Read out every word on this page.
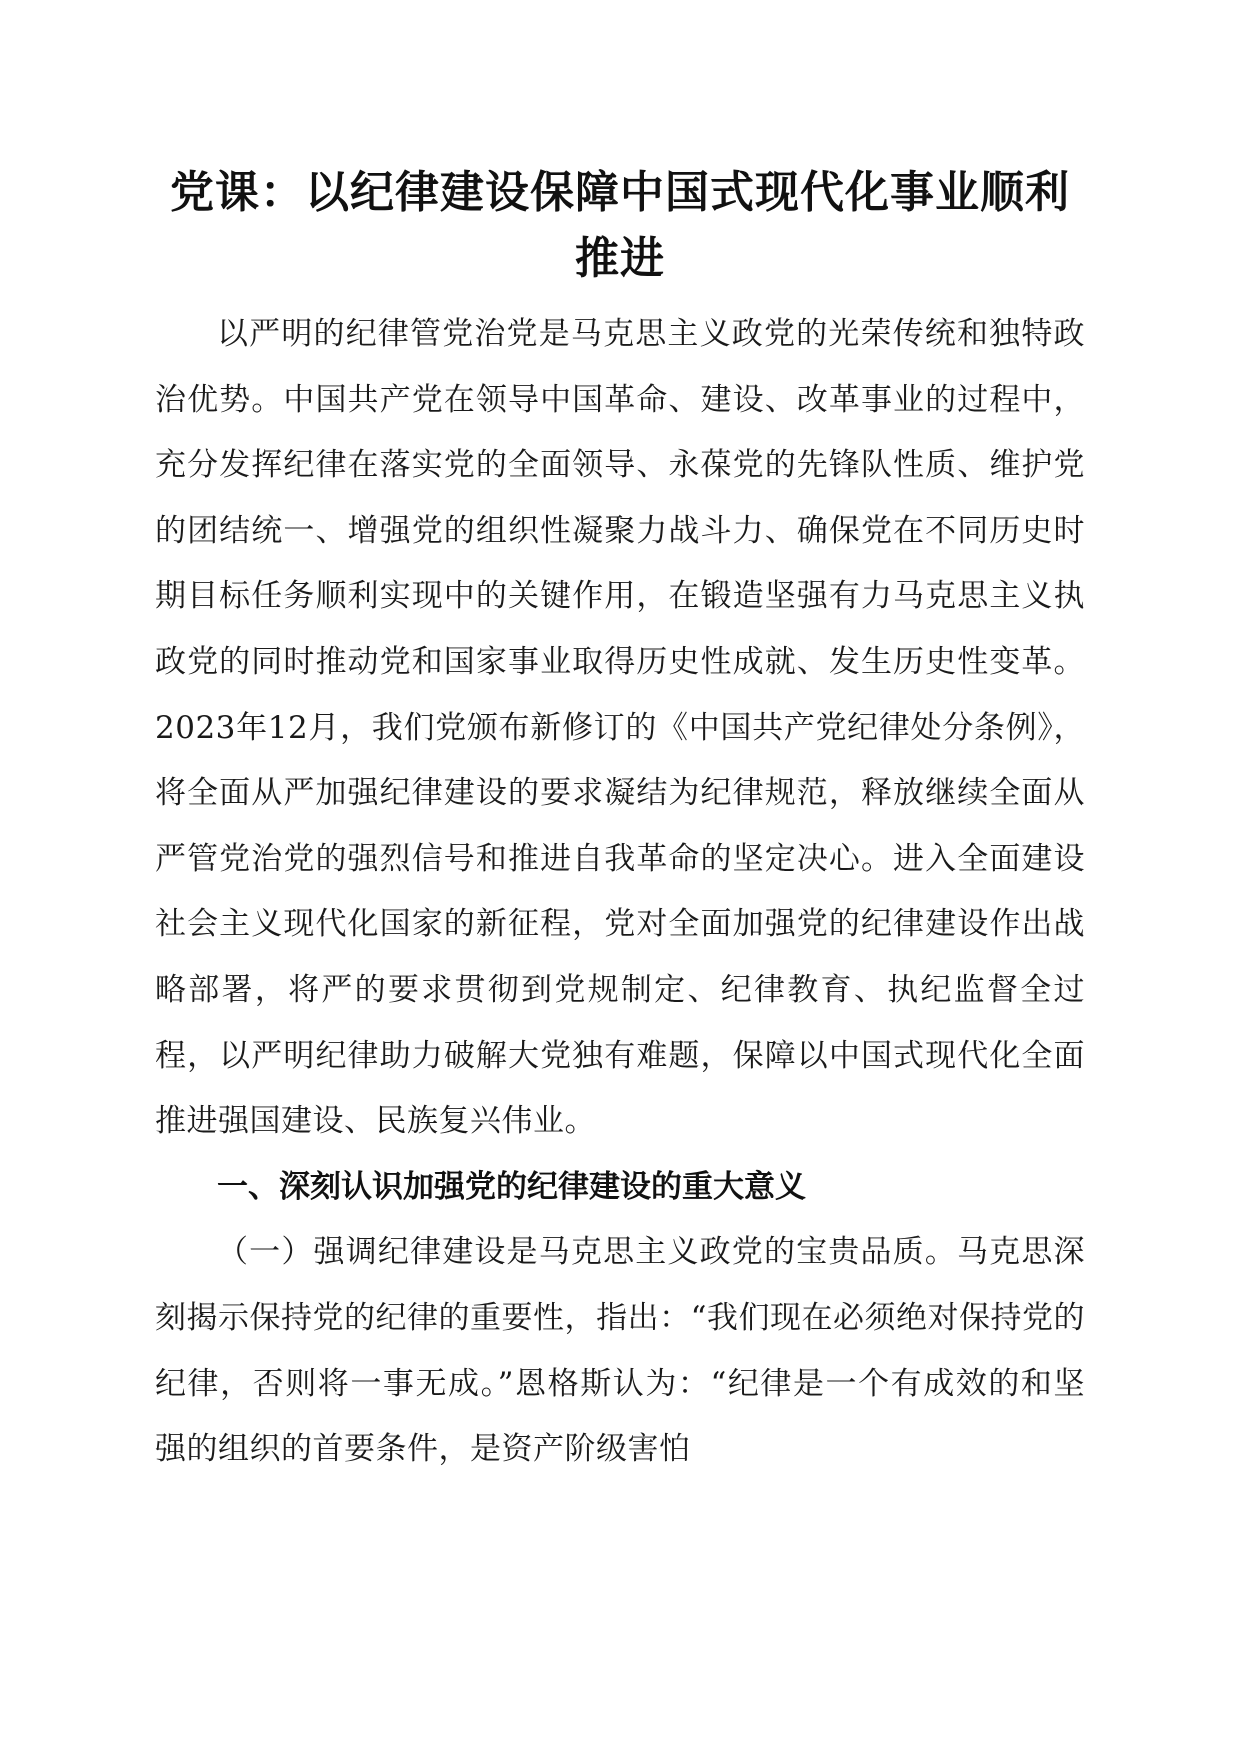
党课：以纪律建设保障中国式现代化事业顺利推进

以严明的纪律管党治党是马克思主义政党的光荣传统和独特政治优势。中国共产党在领导中国革命、建设、改革事业的过程中，充分发挥纪律在落实党的全面领导、永葆党的先锋队性质、维护党的团结统一、增强党的组织性凝聚力战斗力、确保党在不同历史时期目标任务顺利实现中的关键作用，在锻造坚强有力马克思主义执政党的同时推动党和国家事业取得历史性成就、发生历史性变革。2023年12月，我们党颁布新修订的《中国共产党纪律处分条例》，将全面从严加强纪律建设的要求凝结为纪律规范，释放继续全面从严管党治党的强烈信号和推进自我革命的坚定决心。进入全面建设社会主义现代化国家的新征程，党对全面加强党的纪律建设作出战略部署，将严的要求贯彻到党规制定、纪律教育、执纪监督全过程，以严明纪律助力破解大党独有难题，保障以中国式现代化全面推进强国建设、民族复兴伟业。

一、深刻认识加强党的纪律建设的重大意义

（一）强调纪律建设是马克思主义政党的宝贵品质。马克思深刻揭示保持党的纪律的重要性，指出：“我们现在必须绝对保持党的纪律，否则将一事无成。”恩格斯认为：“纪律是一个有成效的和坚强的组织的首要条件，是资产阶级害怕
